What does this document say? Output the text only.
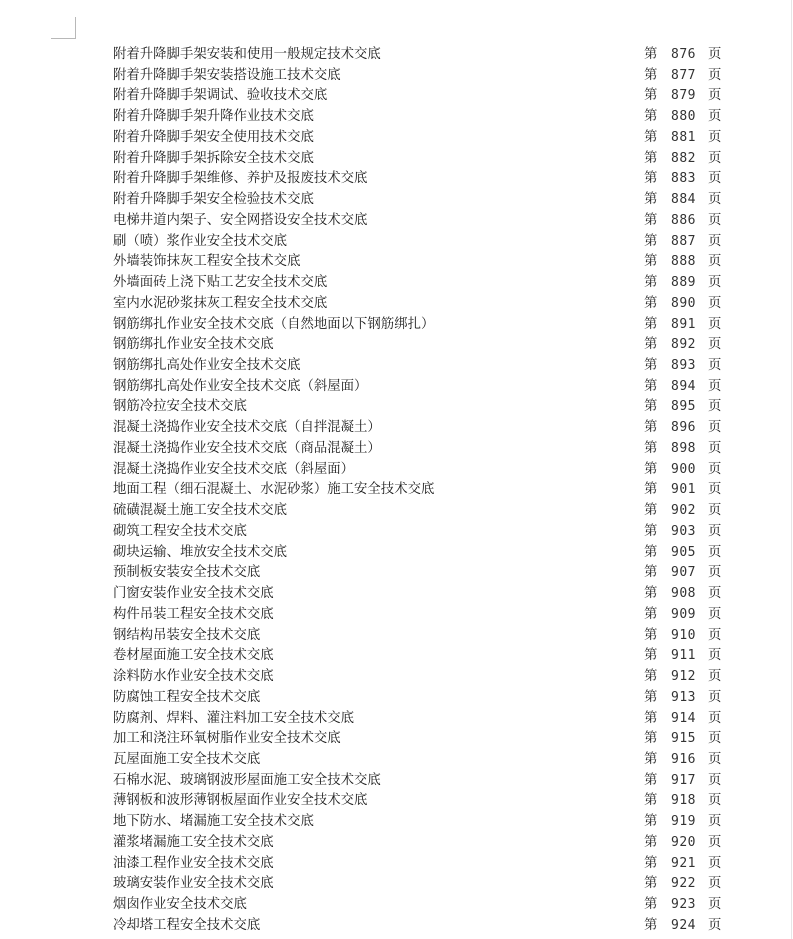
附着升降脚手架安装和使用一般规定技术交底	第 876 页
附着升降脚手架安装搭设施工技术交底	第 877 页
附着升降脚手架调试、验收技术交底	第 879 页
附着升降脚手架升降作业技术交底	第 880 页
附着升降脚手架安全使用技术交底	第 881 页
附着升降脚手架拆除安全技术交底	第 882 页
附着升降脚手架维修、养护及报废技术交底	第 883 页
附着升降脚手架安全检验技术交底	第 884 页
电梯井道内架子、安全网搭设安全技术交底	第 886 页
刷（喷）浆作业安全技术交底	第 887 页
外墙装饰抹灰工程安全技术交底	第 888 页
外墙面砖上浇下贴工艺安全技术交底	第 889 页
室内水泥砂浆抹灰工程安全技术交底	第 890 页
钢筋绑扎作业安全技术交底（自然地面以下钢筋绑扎）	第 891 页
钢筋绑扎作业安全技术交底	第 892 页
钢筋绑扎高处作业安全技术交底	第 893 页
钢筋绑扎高处作业安全技术交底（斜屋面）	第 894 页
钢筋冷拉安全技术交底	第 895 页
混凝土浇捣作业安全技术交底（自拌混凝土）	第 896 页
混凝土浇捣作业安全技术交底（商品混凝土）	第 898 页
混凝土浇捣作业安全技术交底（斜屋面）	第 900 页
地面工程（细石混凝土、水泥砂浆）施工安全技术交底	第 901 页
硫磺混凝土施工安全技术交底	第 902 页
砌筑工程安全技术交底	第 903 页
砌块运输、堆放安全技术交底	第 905 页
预制板安装安全技术交底	第 907 页
门窗安装作业安全技术交底	第 908 页
构件吊装工程安全技术交底	第 909 页
钢结构吊装安全技术交底	第 910 页
卷材屋面施工安全技术交底	第 911 页
涂料防水作业安全技术交底	第 912 页
防腐蚀工程安全技术交底	第 913 页
防腐剂、焊料、灌注料加工安全技术交底	第 914 页
加工和浇注环氧树脂作业安全技术交底	第 915 页
瓦屋面施工安全技术交底	第 916 页
石棉水泥、玻璃钢波形屋面施工安全技术交底	第 917 页
薄钢板和波形薄钢板屋面作业安全技术交底	第 918 页
地下防水、堵漏施工安全技术交底	第 919 页
灌浆堵漏施工安全技术交底	第 920 页
油漆工程作业安全技术交底	第 921 页
玻璃安装作业安全技术交底	第 922 页
烟囱作业安全技术交底	第 923 页
冷却塔工程安全技术交底	第 924 页
